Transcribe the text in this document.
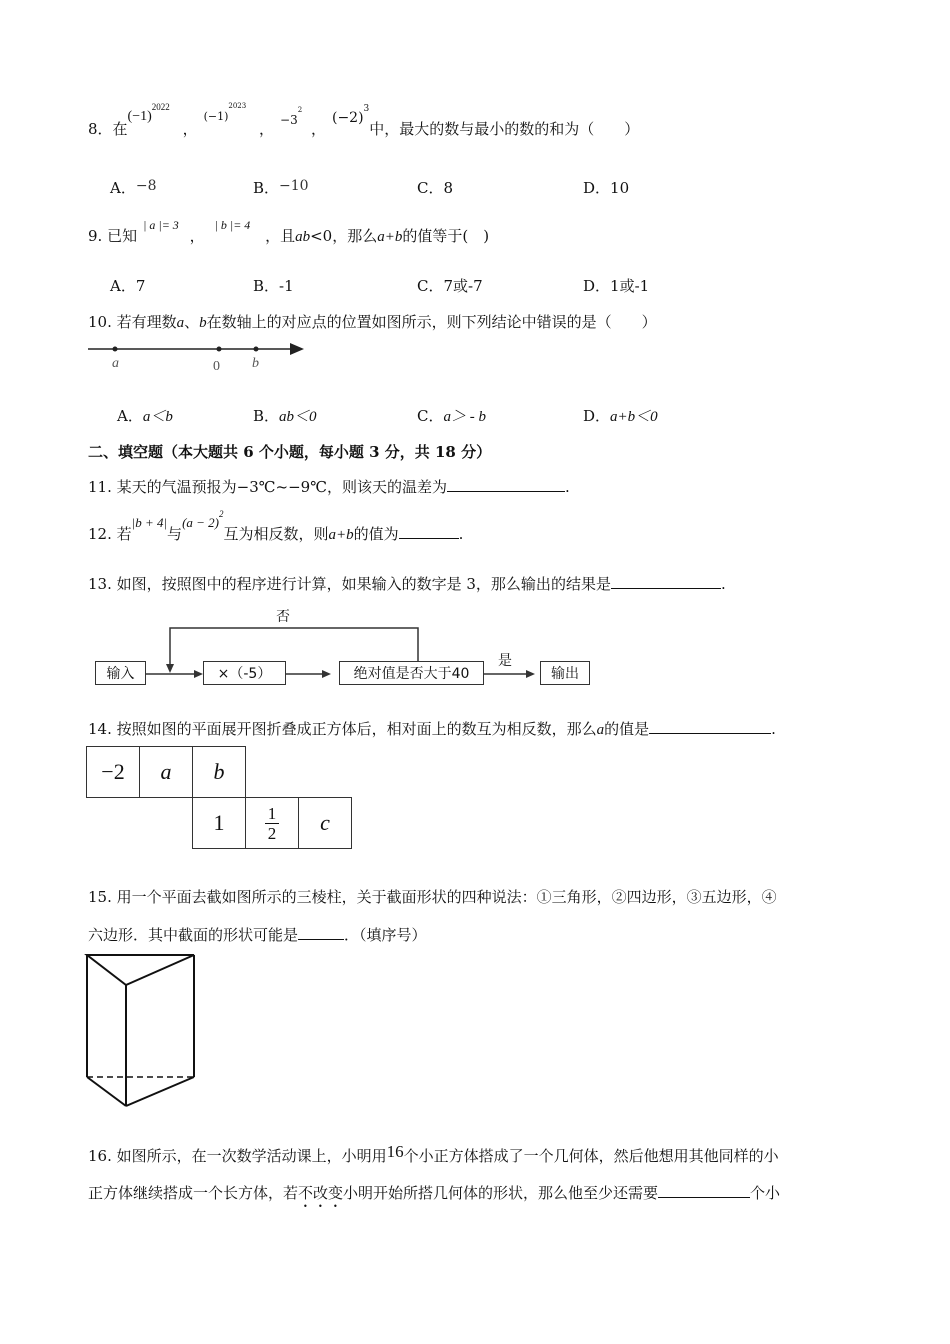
8．在$(-1)^{2022}$ ，$^{(-1)^{2023}}$ ， $^{-3^2}$ ，$(-2)^3$中，最大的数与最小的数的和为（　　）
A．−8	B．−10	C．8	D．10
9. 已知$^{| a |= 3}$ ，$^{| b |= 4}$ ，且ab<0，那么a+b的值等于(　)
A．7	B．-1	C．7或-7	D．1或-1
10. 若有理数a、b在数轴上的对应点的位置如图所示，则下列结论中错误的是（　　）
a	0 b
A．a＜b	B．ab＜0	C．a＞ - b	D．a+b＜0
二、填空题（本大题共 6 个小题，每小题 3 分，共 18 分）
11. 某天的气温预报为−3℃~−9℃，则该天的温差为	.
12. 若|b + 4|与$(a - 2)^2$互为相反数，则a+b的值为	.
13. 如图，按照图中的程序进行计算，如果输入的数字是 3，那么输出的结果是	.
否
是
输入	×（-5）	绝对值是否大于40	输出
14. 按照如图的平面展开图折叠成正方体后，相对面上的数互为相反数，那么a的值是	.
−2	a	b		
		1	$\frac{1}{2}$	c
15. 用一个平面去截如图所示的三棱柱，关于截面形状的四种说法：①三角形，②四边形，③五边形，④
六边形．其中截面的形状可能是	．（填序号）
16. 如图所示，在一次数学活动课上，小明用16个小正方体搭成了一个几何体，然后他想用其他同样的小
正方体继续搭成一个长方体，若不改变小明开始所搭几何体的形状，那么他至少还需要	个小
